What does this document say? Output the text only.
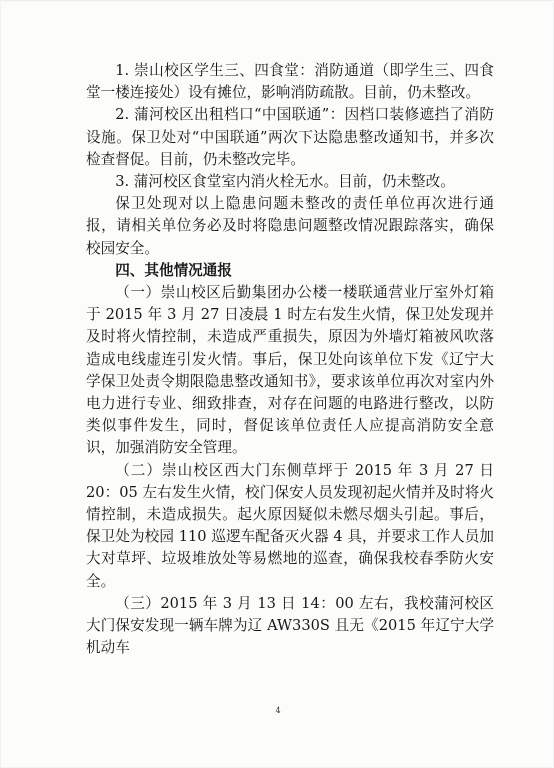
1. 崇山校区学生三、四食堂：消防通道（即学生三、四食堂一楼连接处）设有摊位，影响消防疏散。目前，仍未整改。

2. 蒲河校区出租档口“中国联通”：因档口装修遮挡了消防设施。保卫处对“中国联通”两次下达隐患整改通知书，并多次检查督促。目前，仍未整改完毕。

3. 蒲河校区食堂室内消火栓无水。目前，仍未整改。

保卫处现对以上隐患问题未整改的责任单位再次进行通报，请相关单位务必及时将隐患问题整改情况跟踪落实，确保校园安全。

四、其他情况通报

（一）崇山校区后勤集团办公楼一楼联通营业厅室外灯箱于 2015 年 3 月 27 日凌晨 1 时左右发生火情，保卫处发现并及时将火情控制，未造成严重损失，原因为外墙灯箱被风吹落造成电线虚连引发火情。事后，保卫处向该单位下发《辽宁大学保卫处责令期限隐患整改通知书》，要求该单位再次对室内外电力进行专业、细致排查，对存在问题的电路进行整改，以防类似事件发生，同时，督促该单位责任人应提高消防安全意识，加强消防安全管理。

（二）崇山校区西大门东侧草坪于 2015 年 3 月 27 日 20：05 左右发生火情，校门保安人员发现初起火情并及时将火情控制，未造成损失。起火原因疑似未燃尽烟头引起。事后，保卫处为校园 110 巡逻车配备灭火器 4 具，并要求工作人员加大对草坪、垃圾堆放处等易燃地的巡查，确保我校春季防火安全。

（三）2015 年 3 月 13 日 14：00 左右，我校蒲河校区大门保安发现一辆车牌为辽 AW330S 且无《2015 年辽宁大学机动车

4
